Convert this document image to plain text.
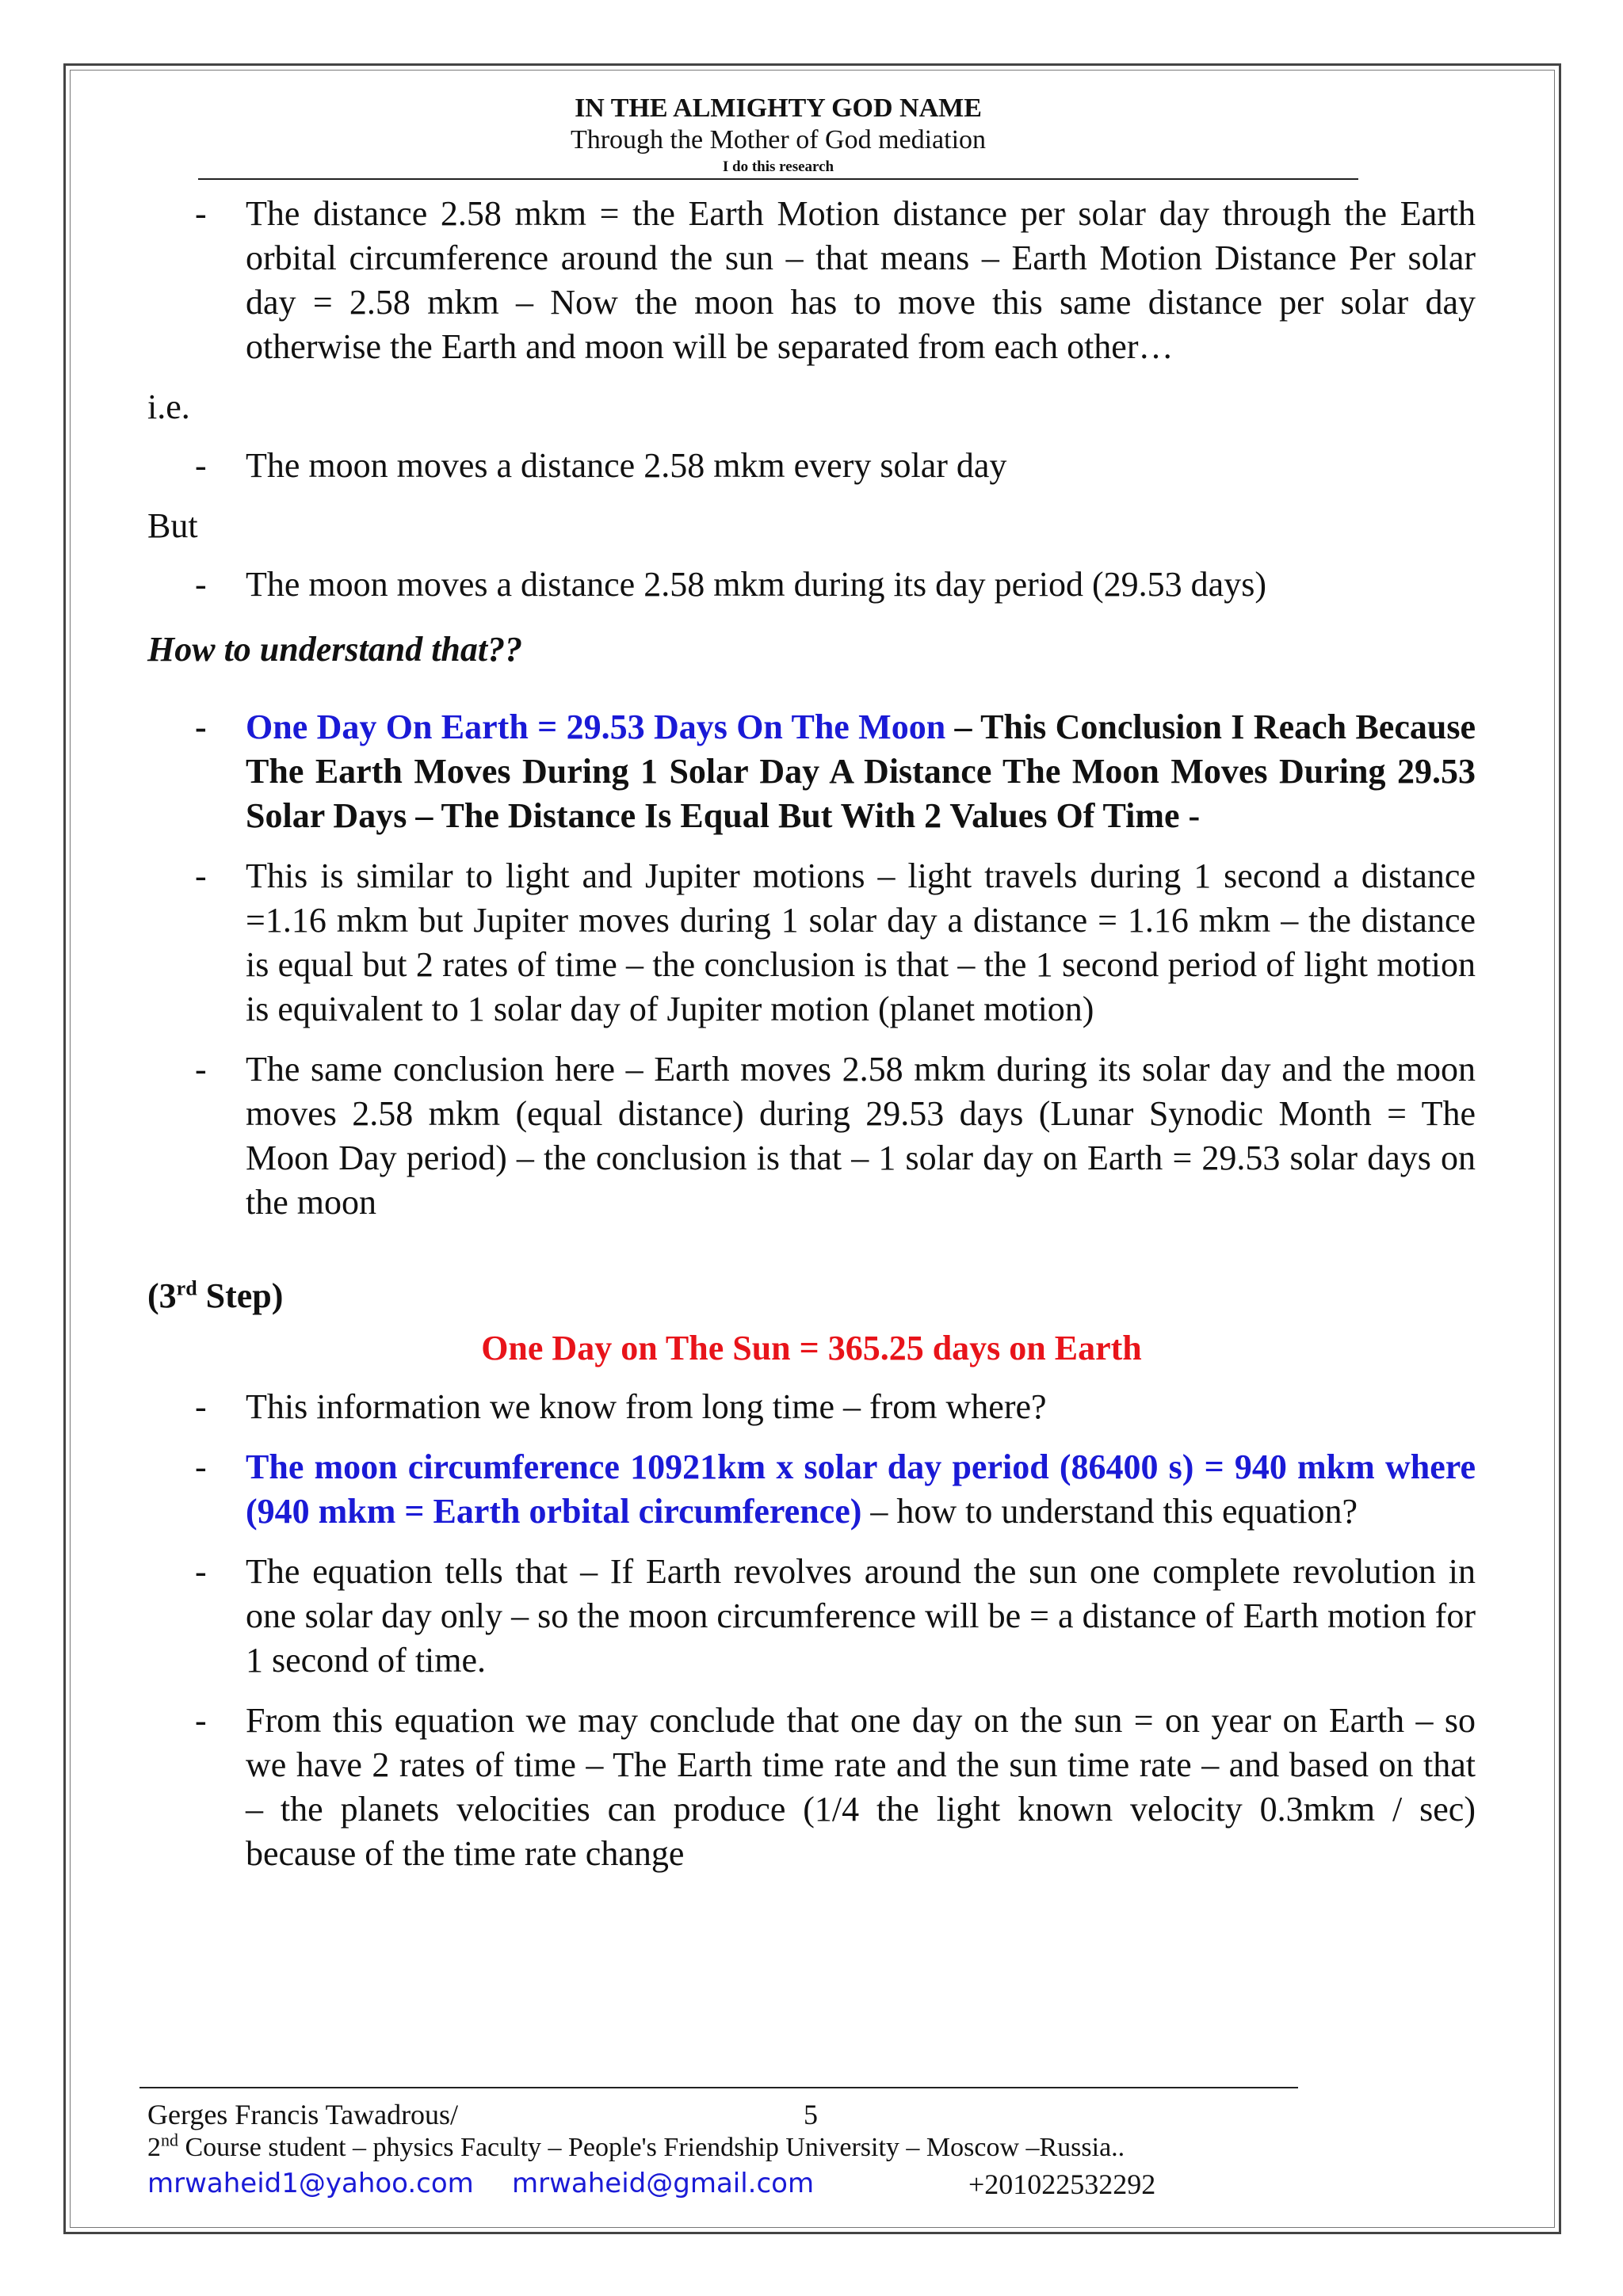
IN THE ALMIGHTY GOD NAME
Through the Mother of God mediation
I do this research
- The distance 2.58 mkm = the Earth Motion distance per solar day through the Earth orbital circumference around the sun – that means – Earth Motion Distance Per solar day = 2.58 mkm – Now the moon has to move this same distance per solar day otherwise the Earth and moon will be separated from each other…
i.e.
- The moon moves a distance 2.58 mkm every solar day
But
- The moon moves a distance 2.58 mkm during its day period (29.53 days)
How to understand that??
- One Day On Earth = 29.53 Days On The Moon – This Conclusion I Reach Because The Earth Moves During 1 Solar Day A Distance The Moon Moves During 29.53 Solar Days – The Distance Is Equal But With 2 Values Of Time -
- This is similar to light and Jupiter motions – light travels during 1 second a distance =1.16 mkm but Jupiter moves during 1 solar day a distance = 1.16 mkm – the distance is equal but 2 rates of time – the conclusion is that – the 1 second period of light motion is equivalent to 1 solar day of Jupiter motion (planet motion)
- The same conclusion here – Earth moves 2.58 mkm during its solar day and the moon moves 2.58 mkm (equal distance) during 29.53 days (Lunar Synodic Month = The Moon Day period) – the conclusion is that – 1 solar day on Earth = 29.53 solar days on the moon
(3rd Step)
One Day on The Sun = 365.25 days on Earth
- This information we know from long time – from where?
- The moon circumference 10921km x solar day period (86400 s) = 940 mkm where (940 mkm = Earth orbital circumference) – how to understand this equation?
- The equation tells that – If Earth revolves around the sun one complete revolution in one solar day only – so the moon circumference will be = a distance of Earth motion for 1 second of time.
- From this equation we may conclude that one day on the sun = on year on Earth – so we have 2 rates of time – The Earth time rate and the sun time rate – and based on that – the planets velocities can produce (1/4 the light known velocity 0.3mkm / sec) because of the time rate change
Gerges Francis Tawadrous/	5
2nd Course student – physics Faculty – People's Friendship University – Moscow –Russia..
mrwaheid1@yahoo.com mrwaheid@gmail.com	+201022532292
